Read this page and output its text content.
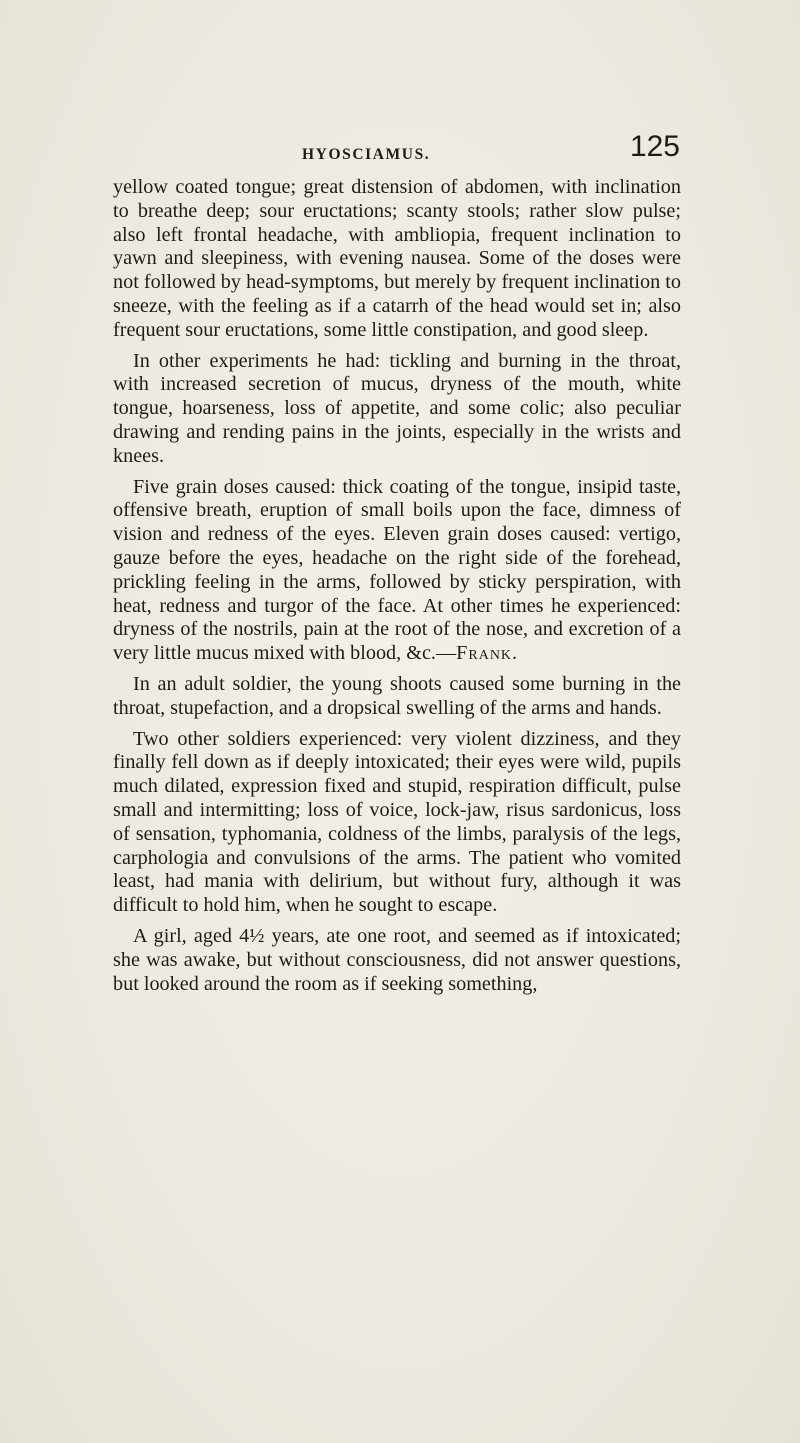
HYOSCIAMUS.	125

yellow coated tongue; great distension of abdomen, with inclination to breathe deep; sour eructations; scanty stools; rather slow pulse; also left frontal headache, with ambliopia, frequent inclination to yawn and sleepiness, with evening nausea. Some of the doses were not followed by head-symptoms, but merely by frequent inclination to sneeze, with the feeling as if a catarrh of the head would set in; also frequent sour eructations, some little constipation, and good sleep.

In other experiments he had: tickling and burning in the throat, with increased secretion of mucus, dryness of the mouth, white tongue, hoarseness, loss of appetite, and some colic; also peculiar drawing and rending pains in the joints, especially in the wrists and knees.

Five grain doses caused: thick coating of the tongue, insipid taste, offensive breath, eruption of small boils upon the face, dimness of vision and redness of the eyes. Eleven grain doses caused: vertigo, gauze before the eyes, headache on the right side of the forehead, prickling feeling in the arms, followed by sticky perspiration, with heat, redness and turgor of the face. At other times he experienced: dryness of the nostrils, pain at the root of the nose, and excretion of a very little mucus mixed with blood, &c.—Frank.

In an adult soldier, the young shoots caused some burning in the throat, stupefaction, and a dropsical swelling of the arms and hands.

Two other soldiers experienced: very violent dizziness, and they finally fell down as if deeply intoxicated; their eyes were wild, pupils much dilated, expression fixed and stupid, respiration difficult, pulse small and intermitting; loss of voice, lock-jaw, risus sardonicus, loss of sensation, typhomania, coldness of the limbs, paralysis of the legs, carphologia and convulsions of the arms. The patient who vomited least, had mania with delirium, but without fury, although it was difficult to hold him, when he sought to escape.

A girl, aged 4½ years, ate one root, and seemed as if intoxicated; she was awake, but without consciousness, did not answer questions, but looked around the room as if seeking something,
